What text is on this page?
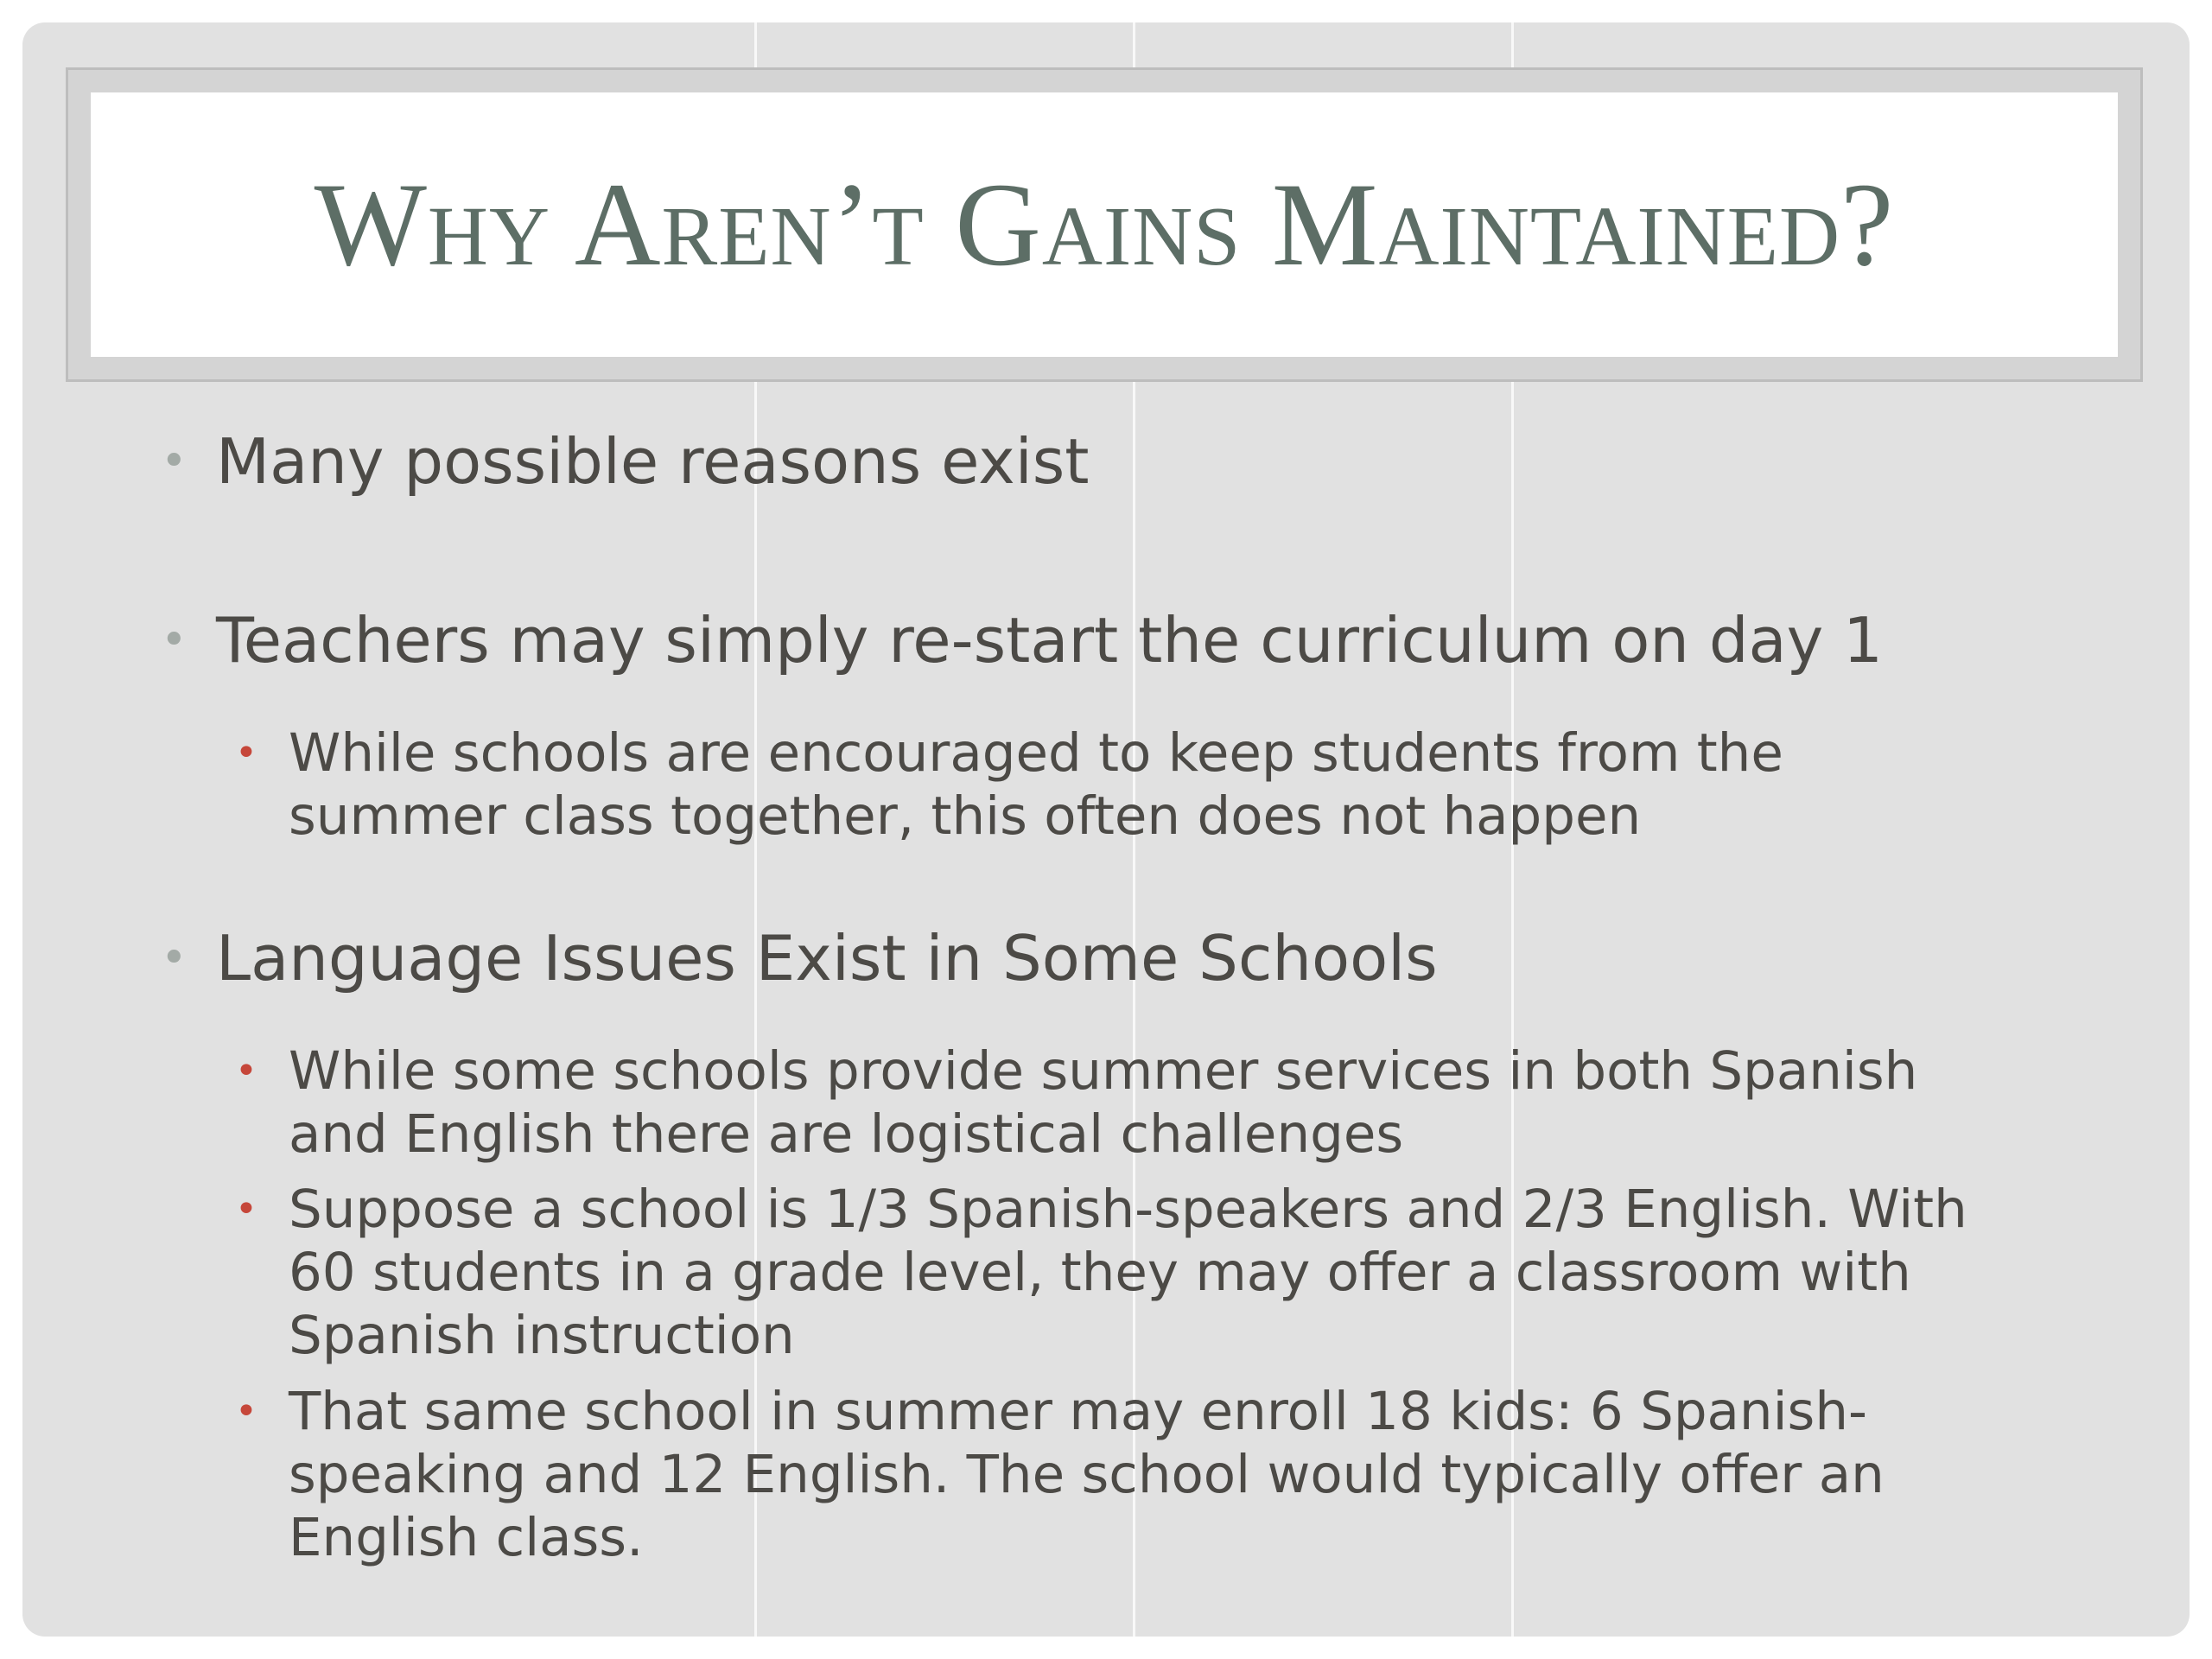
Why Aren’t Gains Maintained?
• Many possible reasons exist
• Teachers may simply re-start the curriculum on day 1
• While schools are encouraged to keep students from the
summer class together, this often does not happen
• Language Issues Exist in Some Schools
• While some schools provide summer services in both Spanish
and English there are logistical challenges
• Suppose a school is 1/3 Spanish-speakers and 2/3 English. With
60 students in a grade level, they may offer a classroom with
Spanish instruction
• That same school in summer may enroll 18 kids: 6 Spanish-
speaking and 12 English. The school would typically offer an
English class.
